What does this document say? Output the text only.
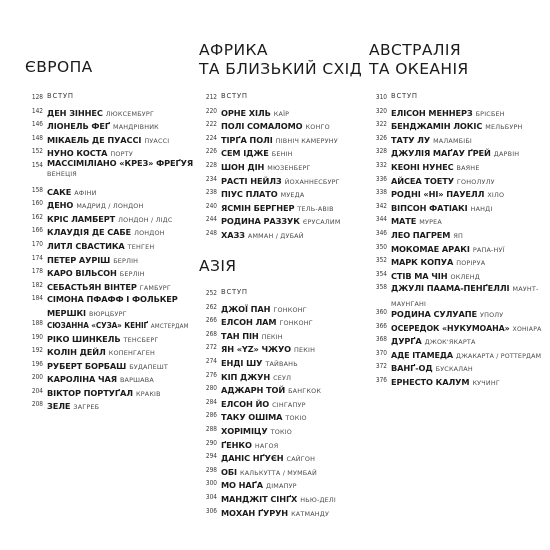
ЄВРОПА
128 ВСТУП
142 ДЕН ЗІННЕС ЛЮКСЕМБУРГ
146 ЛІОНЕЛЬ ФЕҐ МАНДРІВНИК
148 МІКАЕЛЬ ДЕ ПУАССІ ПУАССІ
152 НУНО КОСТА ПОРТУ
154 МАССІМІЛІАНО «КРЕЗ» ФРЕҐУЯ
ВЕНЕЦІЯ
158 САКЕ АФІНИ
160 ДЕНО МАДРИД / ЛОНДОН
162 КРІС ЛАМБЕРТ ЛОНДОН / ЛІДС
166 КЛАУДІЯ ДЕ САБЕ ЛОНДОН
170 ЛИТЛ СВАСТИКА ТЕНГЕН
174 ПЕТЕР АУРІШ БЕРЛІН
178 КАРО ВІЛЬСОН БЕРЛІН
182 СЕБАСТЬЯН ВІНТЕР ГАМБУРГ
184 СІМОНА ПФАФФ І ФОЛЬКЕР МЕРШКІ ВЮРЦБУРГ
188 СЮЗАННА «СУЗА» КЕНІҐ АМСТЕРДАМ
190 РІКО ШИНКЕЛЬ ТЕНСБЕРГ
192 КОЛІН ДЕЙЛ КОПЕНГАГЕН
196 РУБЕРТ БОРБАШ БУДАПЕШТ
200 КАРОЛІНА ЧАЯ ВАРШАВА
204 ВІКТОР ПОРТУҐАЛ КРАКІВ
208 ЗЕЛЕ ЗАГРЕБ
АФРИКА
ТА БЛИЗЬКИЙ СХІД
212 ВСТУП
220 ОРНЕ ХІЛЬ КАЇР
222 ПОЛІ СОМАЛОМО КОНГО
224 ТІРҐА ПОЛІ ПІВНІЧ КАМЕРУНУ
226 СЕМ ІДЖЕ БЕНІН
228 ШОН ДІН МЮЗЕНБЕРГ
234 РАСТІ НЕЙЛЗ ЙОХАННЕСБУРГ
238 ПІУС ПЛАТО МУЕДА
240 ЯСМІН БЕРГНЕР ТЕЛЬ-АВІВ
244 РОДИНА РАЗЗУК ЄРУСАЛИМ
248 ХАЗЗ АММАН / ДУБАЙ
АЗІЯ
252 ВСТУП
262 ДЖОЇ ПАН ГОНКОНГ
266 ЕЛСОН ЛАМ ГОНКОНГ
268 ТАН ПІН ПЕКІН
272 ЯН «YZ» ЧЖУО ПЕКІН
274 ЕНДІ ШУ ТАЙВАНЬ
276 КІП ДЖУН СЕУЛ
280 АДЖАРН ТОЙ БАНГКОК
284 ЕЛСОН ЙО СІНГАПУР
286 ТАКУ ОШІМА ТОКІО
288 ХОРІМІЦУ ТОКІО
290 ҐЕНКО НАГОЯ
294 ДАНІС НҐУЄН САЙГОН
298 ОБІ КАЛЬКУТТА / МУМБАЙ
300 МО НАҐА ДІМАПУР
304 МАНДЖІТ СІНҐХ НЬЮ-ДЕЛІ
306 МОХАН ҐУРУН КАТМАНДУ
АВСТРАЛІЯ
ТА ОКЕАНІЯ
310 ВСТУП
320 ЕЛІСОН МЕННЕРЗ БРІСБЕН
322 БЕНДЖАМІН ЛОКІС МЕЛЬБУРН
326 ТАТУ ЛУ МАЛАМБІБІ
328 ДЖУЛІЯ МАҐАУ ҐРЕЙ ДАРВІН
332 КЕОНІ НУНЕС ВАЯНЕ
336 АЙСЕА ТОЕТУ ГОНОЛУЛУ
338 РОДНІ «НІ» ПАУЕЛЛ ХІЛО
342 ВІПСОН ФАТІАКІ НАНДІ
344 МАТЕ МУРЕА
346 ЛЕО ПАГРЕМ ЯП
350 МОКОМАЕ АРАКІ РАПА-НУЇ
352 МАРК КОПУА ПОРІРУА
354 СТІВ МА ЧІН ОКЛЕНД
358 ДЖУЛІ ПААМА-ПЕНҐЕЛЛІ МАУНТ-МАУНГАНІ
360 РОДИНА СУЛУАПЕ УПОЛУ
366 ОСЕРЕДОК «НУКУМОАНА» ХОНІАРА
368 ДУРҐА ДЖОК'ЯКАРТА
370 АДЕ ІТАМЕДА ДЖАКАРТА / РОТТЕРДАМ
372 ВАНҐ-ОД БУСКАЛАН
376 ЕРНЕСТО КАЛУМ КУЧИНГ
